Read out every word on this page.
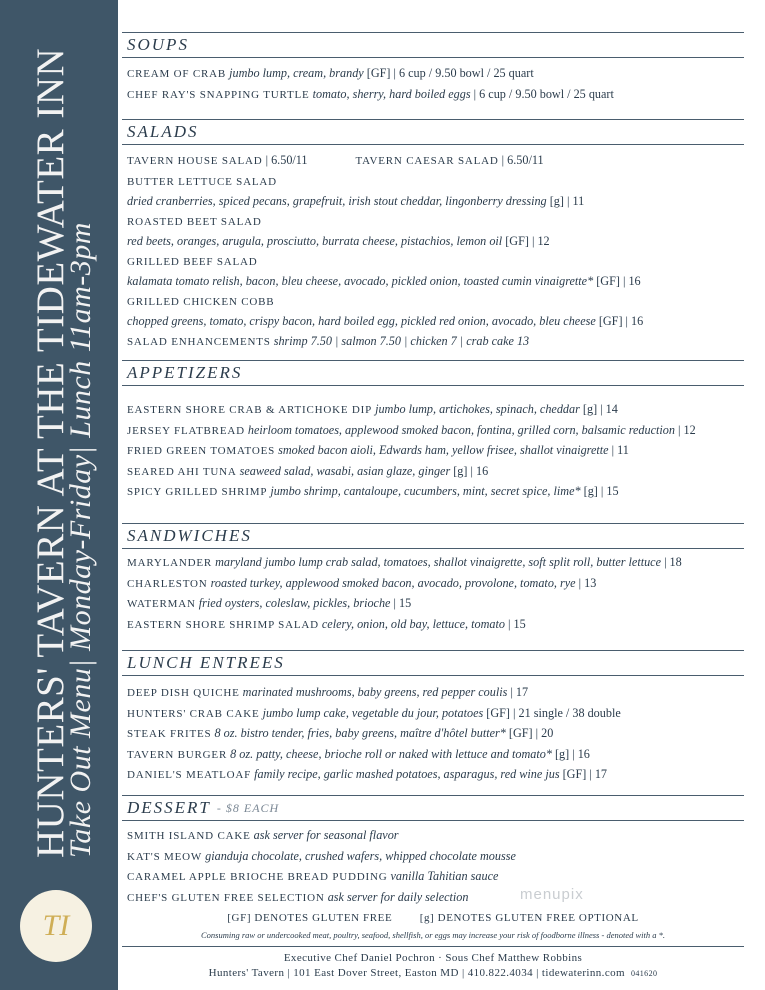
HUNTERS' TAVERN AT THE TIDEWATER INN
Take Out Menu| Monday-Friday| Lunch 11am-3pm
TI
SOUPS
CREAM OF CRAB jumbo lump, cream, brandy [GF] | 6 cup / 9.50 bowl / 25 quart
CHEF RAY'S SNAPPING TURTLE tomato, sherry, hard boiled eggs | 6 cup / 9.50 bowl / 25 quart
SALADS
TAVERN HOUSE SALAD | 6.50/11	TAVERN CAESAR SALAD | 6.50/11
BUTTER LETTUCE SALAD
dried cranberries, spiced pecans, grapefruit, irish stout cheddar, lingonberry dressing [g] | 11
ROASTED BEET SALAD
red beets, oranges, arugula, prosciutto, burrata cheese, pistachios, lemon oil [GF] | 12
GRILLED BEEF SALAD
kalamata tomato relish, bacon, bleu cheese, avocado, pickled onion, toasted cumin vinaigrette* [GF] | 16
GRILLED CHICKEN COBB
chopped greens, tomato, crispy bacon, hard boiled egg, pickled red onion, avocado, bleu cheese [GF] | 16
SALAD ENHANCEMENTS shrimp 7.50 | salmon 7.50 | chicken 7 | crab cake 13
APPETIZERS
EASTERN SHORE CRAB & ARTICHOKE DIP jumbo lump, artichokes, spinach, cheddar [g] | 14
JERSEY FLATBREAD heirloom tomatoes, applewood smoked bacon, fontina, grilled corn, balsamic reduction | 12
FRIED GREEN TOMATOES smoked bacon aioli, Edwards ham, yellow frisee, shallot vinaigrette | 11
SEARED AHI TUNA seaweed salad, wasabi, asian glaze, ginger [g] | 16
SPICY GRILLED SHRIMP jumbo shrimp, cantaloupe, cucumbers, mint, secret spice, lime* [g] | 15
SANDWICHES
MARYLANDER maryland jumbo lump crab salad, tomatoes, shallot vinaigrette, soft split roll, butter lettuce | 18
CHARLESTON roasted turkey, applewood smoked bacon, avocado, provolone, tomato, rye | 13
WATERMAN fried oysters, coleslaw, pickles, brioche | 15
EASTERN SHORE SHRIMP SALAD celery, onion, old bay, lettuce, tomato | 15
LUNCH ENTREES
DEEP DISH QUICHE marinated mushrooms, baby greens, red pepper coulis | 17
HUNTERS' CRAB CAKE jumbo lump cake, vegetable du jour, potatoes [GF] | 21 single / 38 double
STEAK FRITES 8 oz. bistro tender, fries, baby greens, maître d'hôtel butter* [GF] | 20
TAVERN BURGER 8 oz. patty, cheese, brioche roll or naked with lettuce and tomato* [g] | 16
DANIEL'S MEATLOAF family recipe, garlic mashed potatoes, asparagus, red wine jus [GF] | 17
DESSERT - $8 EACH
SMITH ISLAND CAKE ask server for seasonal flavor
KAT'S MEOW gianduja chocolate, crushed wafers, whipped chocolate mousse
CARAMEL APPLE BRIOCHE BREAD PUDDING vanilla Tahitian sauce
CHEF'S GLUTEN FREE SELECTION ask server for daily selection	menupix
[GF] DENOTES GLUTEN FREE [g] DENOTES GLUTEN FREE OPTIONAL
Consuming raw or undercooked meat, poultry, seafood, shellfish, or eggs may increase your risk of foodborne illness - denoted with a *.
Executive Chef Daniel Pochron · Sous Chef Matthew Robbins
Hunters' Tavern | 101 East Dover Street, Easton MD | 410.822.4034 | tidewaterinn.com 041620
